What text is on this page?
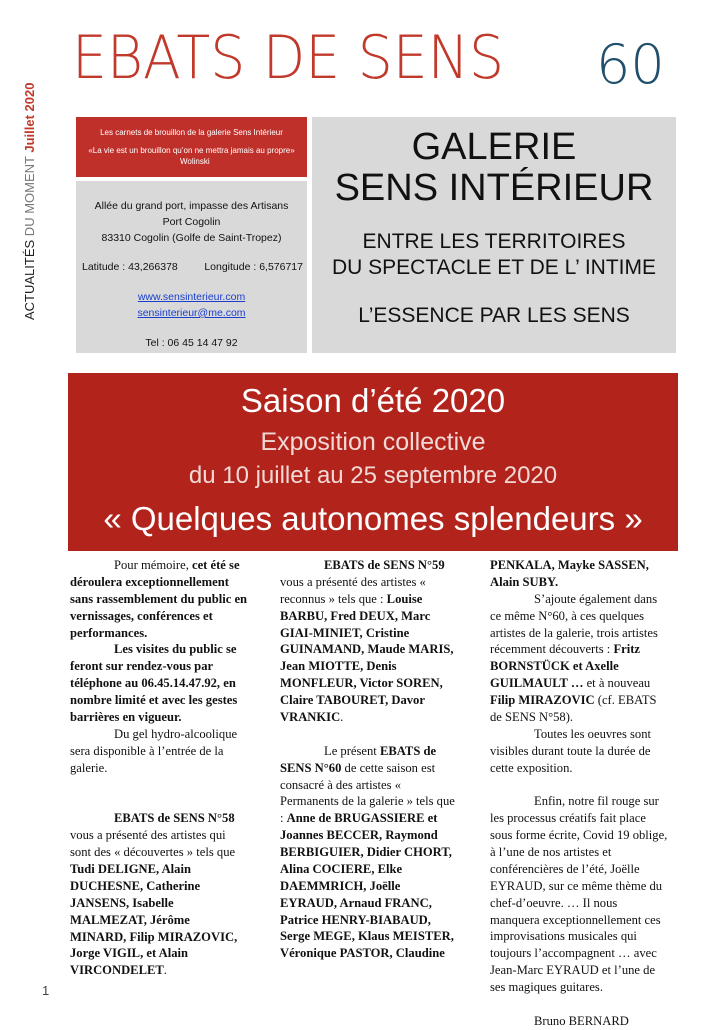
ACTUALITÉS DU MOMENT Juillet 2020
EBATS DE SENS 60
Les carnets de brouillon de la galerie Sens Intérieur
«La vie est un brouillon qu’on ne mettra jamais au propre»    Wolinski
Allée du grand port, impasse des Artisans
Port Cogolin
83310 Cogolin (Golfe de Saint-Tropez)
Latitude : 43,266378	Longitude : 6,576717
www.sensinterieur.com
sensinterieur@me.com
Tel : 06 45 14 47 92
GALERIE
SENS INTÉRIEUR
ENTRE LES TERRITOIRES
DU SPECTACLE ET DE L’ INTIME
L’ESSENCE PAR LES SENS
Saison d’été 2020
Exposition collective
du 10 juillet au 25 septembre 2020
« Quelques autonomes splendeurs »

Pour mémoire, cet été se déroulera exceptionnellement sans rassemblement du public en vernissages, conférences et performances.

Les visites du public se feront sur rendez-vous par téléphone au 06.45.14.47.92, en nombre limité et avec les gestes barrières en vigueur.

Du gel hydro-alcoolique sera disponible à l’entrée de la galerie.

EBATS de SENS N°58

vous a présenté des artistes qui sont des « découvertes » tels que Tudi DELIGNE, Alain DUCHESNE, Catherine JANSENS, Isabelle MALMEZAT, Jérôme MINARD, Filip MIRAZOVIC, Jorge VIGIL, et Alain VIRCONDELET.

EBATS de SENS N°59

vous a présenté des artistes « reconnus » tels que : Louise BARBU, Fred DEUX, Marc GIAI-MINIET, Cristine GUINAMAND, Maude MARIS, Jean MIOTTE, Denis MONFLEUR, Victor SOREN, Claire TABOURET, Davor VRANKIC.

Le présent EBATS de SENS N°60 de cette saison est consacré à des artistes « Permanents de la galerie » tels que : Anne de BRUGASSIERE et Joannes BECCER, Raymond BERBIGUIER, Didier CHORT, Alina COCIERE, Elke DAEMMRICH, Joëlle EYRAUD, Arnaud FRANC, Patrice HENRY-BIABAUD, Serge MEGE, Klaus MEISTER, Véronique PASTOR, Claudine

PENKALA, Mayke SASSEN, Alain SUBY.

S’ajoute également dans ce même N°60, à ces quelques artistes de la galerie, trois artistes récemment découverts : Fritz BORNSTÜCK et Axelle GUILMAULT … et à nouveau Filip MIRAZOVIC (cf. EBATS de SENS N°58).

Toutes les oeuvres sont visibles durant toute la durée de cette exposition.

Enfin, notre fil rouge sur les processus créatifs fait place sous forme écrite, Covid 19 oblige, à l’une de nos artistes et conférencières de l’été, Joëlle EYRAUD, sur ce même thème du chef-d’oeuvre. … Il nous manquera exceptionnellement ces improvisations musicales qui toujours l’accompagnent … avec Jean-Marc EYRAUD et l’une de ses magiques guitares.

Bruno BERNARD

1
